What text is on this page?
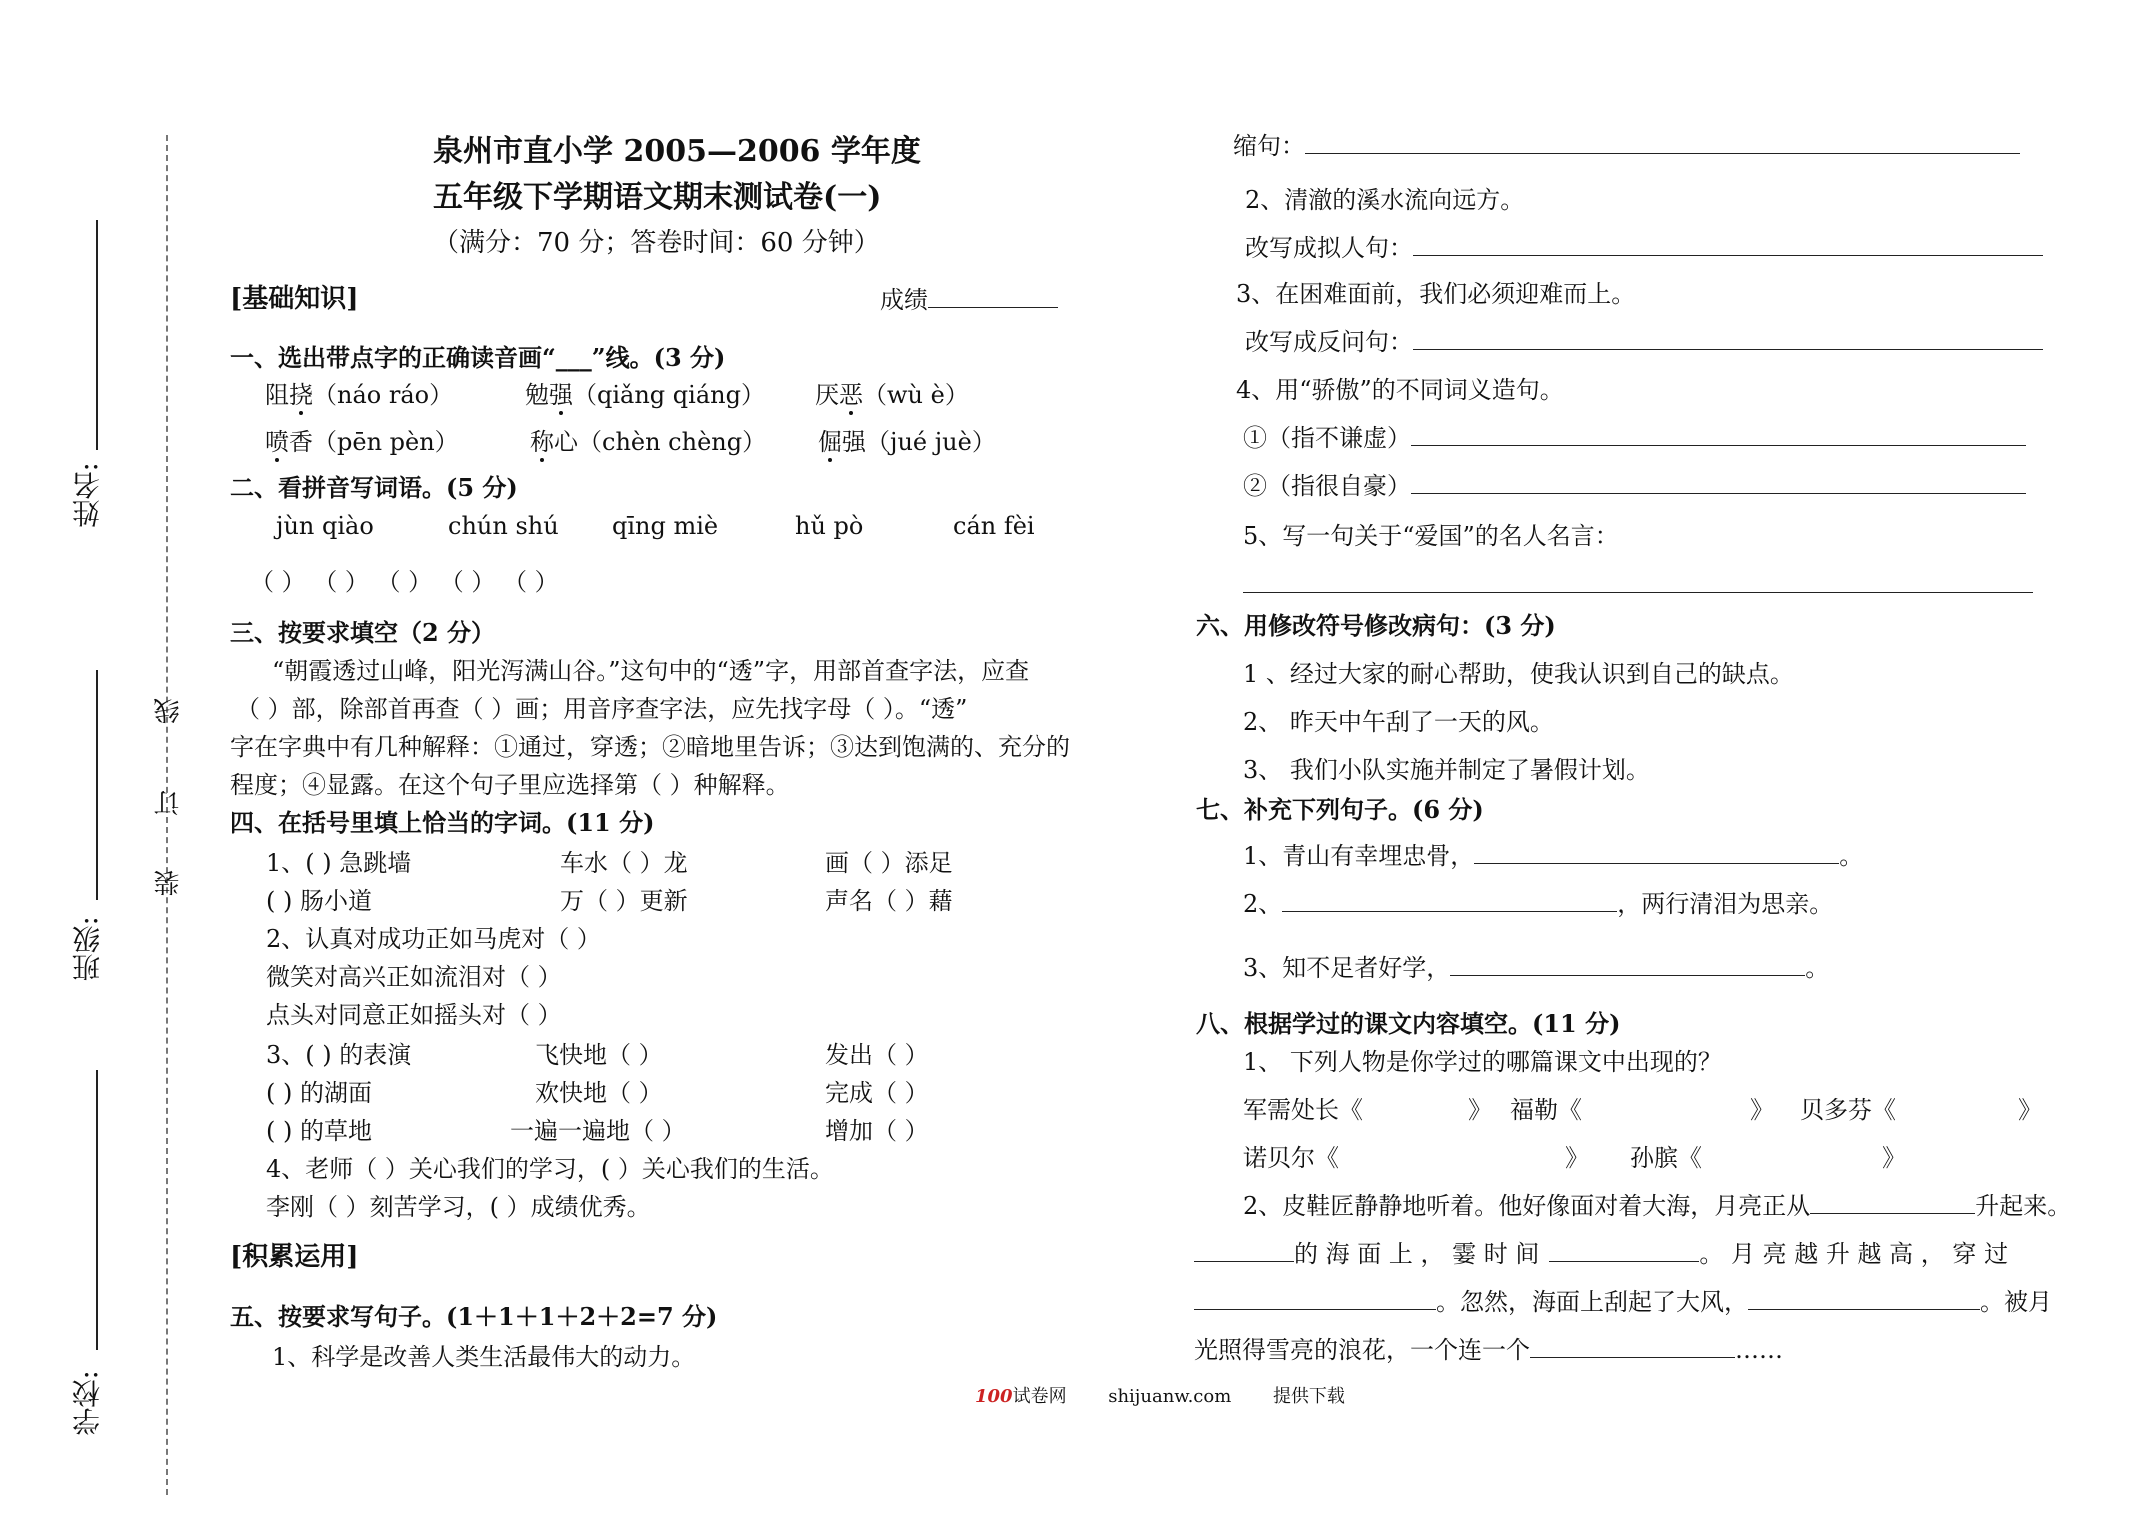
姓名:
班级:
学校:
线
订
装
泉州市直小学 2005—2006 学年度
五年级下学期语文期末测试卷(一)
（满分：70 分；答卷时间：60 分钟）
[基础知识]	成绩
一、选出带点字的正确读音画“___”线。(3 分)
阻挠（náo ráo）	勉强（qiǎng qiáng） 厌恶（wù è）
喷香（pēn pèn）	称心（chèn chèng） 倔强（jué juè）
二、看拼音写词语。(5 分)
jùn qiào	chún shú qīng miè	hǔ pò	cán fèi
（ ） （ ） （ ） （ ） （ ）
三、按要求填空（2 分）
“朝霞透过山峰，阳光泻满山谷。”这句中的“透”字，用部首查字法，应查
（ ）部，除部首再查（ ）画；用音序查字法，应先找字母（ ）。“透”
字在字典中有几种解释：①通过，穿透；②暗地里告诉；③达到饱满的、充分的
程度；④显露。在这个句子里应选择第（ ）种解释。
四、在括号里填上恰当的字词。(11 分)
1、( ) 急跳墙	车水（ ）龙	画（ ）添足
( ) 肠小道	万（ ）更新	声名（ ）藉
2、认真对成功正如马虎对（ ）
微笑对高兴正如流泪对（ ）
点头对同意正如摇头对（ ）
3、( ) 的表演	飞快地（ ）	发出（ ）
( ) 的湖面	欢快地（ ）	完成（ ）
( ) 的草地	一遍一遍地（ ）	增加（ ）
4、老师（ ）关心我们的学习，( ）关心我们的生活。
李刚（ ）刻苦学习，( ）成绩优秀。
[积累运用]
五、按要求写句子。(1＋1＋1＋2＋2=7 分)
1、科学是改善人类生活最伟大的动力。
缩句：
2、清澈的溪水流向远方。
改写成拟人句：
3、在困难面前，我们必须迎难而上。
改写成反问句：
4、用“骄傲”的不同词义造句。
①（指不谦虚）
②（指很自豪）
5、写一句关于“爱国”的名人名言：
六、用修改符号修改病句：(3 分)
1 、经过大家的耐心帮助，使我认识到自己的缺点。
2、 昨天中午刮了一天的风。
3、 我们小队实施并制定了暑假计划。
七、补充下列句子。(6 分)
1、青山有幸埋忠骨，	。
2、	，两行清泪为思亲。
3、知不足者好学，	。
八、根据学过的课文内容填空。(11 分)
1、 下列人物是你学过的哪篇课文中出现的？
军需处长《	》 福勒《	》 贝多芬《	》
诺贝尔《	》 孙膑《	》
2、皮鞋匠静静地听着。他好像面对着大海，月亮正从	升起来。
的 海 面 上 ， 霎 时 间	。 月 亮 越 升 越 高 ， 穿 过
。忽然，海面上刮起了大风，	。被月
光照得雪亮的浪花，一个连一个	……
100试卷网 shijuanw.com 提供下载
